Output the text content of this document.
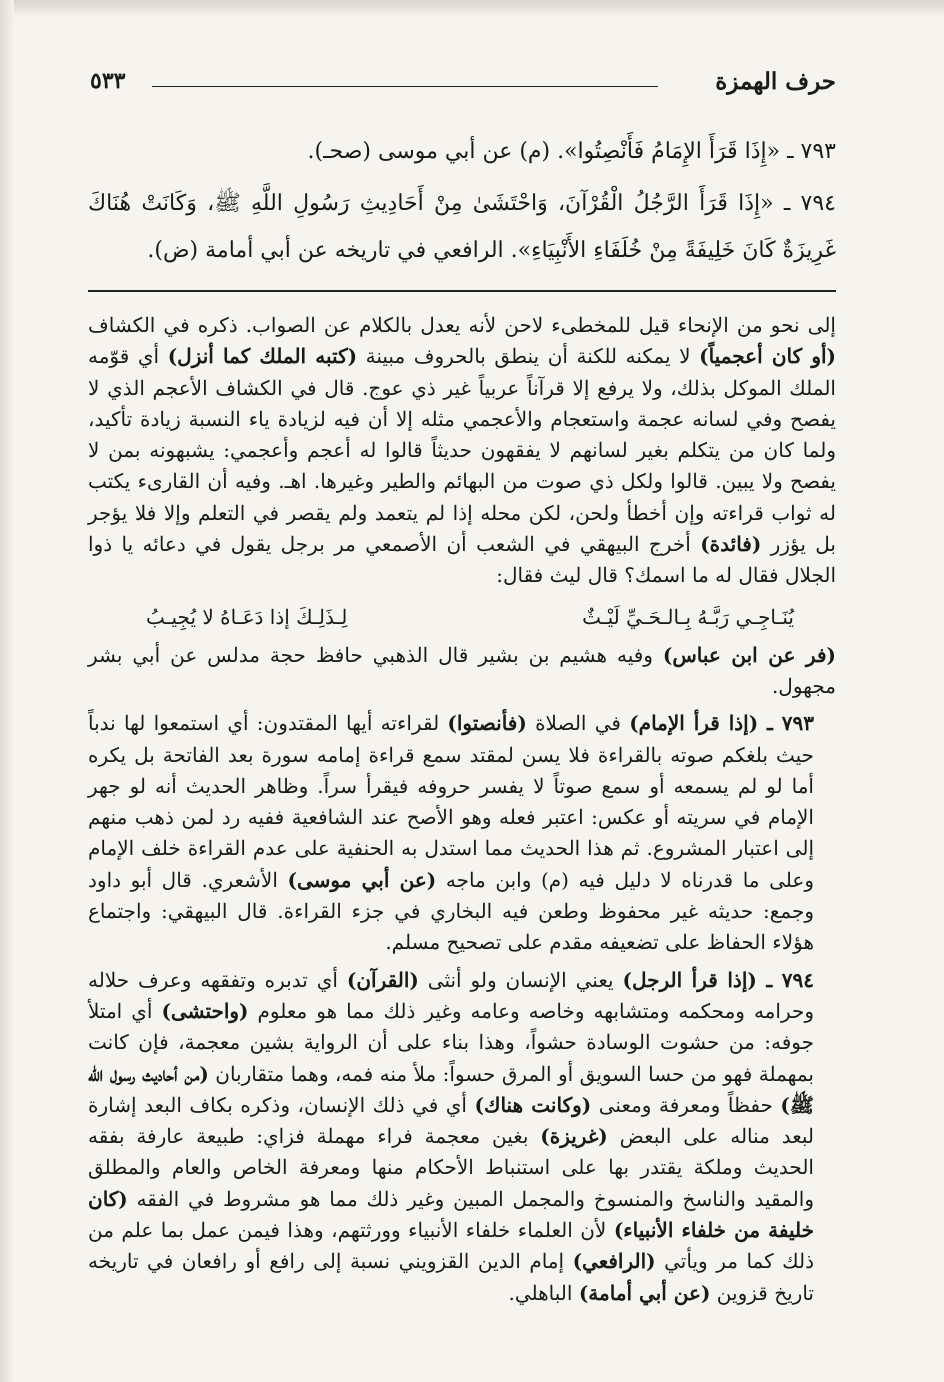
حرف الهمزة
٥٣٣
٧٩٣ ـ «إِذَا قَرَأَ الإِمَامُ فَأَنْصِتُوا». (م) عن أبي موسى (صحـ).
٧٩٤ ـ «إِذَا قَرَأَ الرَّجُلُ الْقُرْآنَ، وَاحْتَشَىٰ مِنْ أَحَادِيثِ رَسُولِ اللَّهِ ﷺ، وَكَانَتْ هُنَاكَ غَرِيزَةٌ كَانَ خَلِيفَةً مِنْ خُلَفَاءِ الأَنْبِيَاءِ». الرافعي في تاريخه عن أبي أمامة (ض).

إلى نحو من الإنحاء قيل للمخطىء لاحن لأنه يعدل بالكلام عن الصواب. ذكره في الكشاف (أو كان أعجمياً) لا يمكنه للكنة أن ينطق بالحروف مبينة (كتبه الملك كما أنزل) أي قوّمه الملك الموكل بذلك، ولا يرفع إلا قرآناً عربياً غير ذي عوج. قال في الكشاف الأعجم الذي لا يفصح وفي لسانه عجمة واستعجام والأعجمي مثله إلا أن فيه لزيادة ياء النسبة زيادة تأكيد، ولما كان من يتكلم بغير لسانهم لا يفقهون حديثاً قالوا له أعجم وأعجمي: يشبهونه بمن لا يفصح ولا يبين. قالوا ولكل ذي صوت من البهائم والطير وغيرها. اهـ. وفيه أن القارىء يكتب له ثواب قراءته وإن أخطأ ولحن، لكن محله إذا لم يتعمد ولم يقصر في التعلم وإلا فلا يؤجر بل يؤزر (فائدة) أخرج البيهقي في الشعب أن الأصمعي مر برجل يقول في دعائه يا ذوا الجلال فقال له ما اسمك؟ قال ليث فقال:

يُنَـاجِـي رَبَّـهُ بِـالـحَـيِّ لَيْـثٌ
لِـذَلِـكَ إذا دَعَـاهُ لا يُجِيـبُ

(فر عن ابن عباس) وفيه هشيم بن بشير قال الذهبي حافظ حجة مدلس عن أبي بشر مجهول.

٧٩٣ ـ (إذا قرأ الإمام) في الصلاة (فأنصتوا) لقراءته أيها المقتدون: أي استمعوا لها ندباً حيث بلغكم صوته بالقراءة فلا يسن لمقتد سمع قراءة إمامه سورة بعد الفاتحة بل يكره أما لو لم يسمعه أو سمع صوتاً لا يفسر حروفه فيقرأ سراً. وظاهر الحديث أنه لو جهر الإمام في سريته أو عكس: اعتبر فعله وهو الأصح عند الشافعية ففيه رد لمن ذهب منهم إلى اعتبار المشروع. ثم هذا الحديث مما استدل به الحنفية على عدم القراءة خلف الإمام وعلى ما قدرناه لا دليل فيه (م) وابن ماجه (عن أبي موسى) الأشعري. قال أبو داود وجمع: حديثه غير محفوظ وطعن فيه البخاري في جزء القراءة. قال البيهقي: واجتماع هؤلاء الحفاظ على تضعيفه مقدم على تصحيح مسلم.

٧٩٤ ـ (إذا قرأ الرجل) يعني الإنسان ولو أنثى (القرآن) أي تدبره وتفقهه وعرف حلاله وحرامه ومحكمه ومتشابهه وخاصه وعامه وغير ذلك مما هو معلوم (واحتشى) أي امتلأ جوفه: من حشوت الوسادة حشواً، وهذا بناء على أن الرواية بشين معجمة، فإن كانت بمهملة فهو من حسا السويق أو المرق حسواً: ملأ منه فمه، وهما متقاربان (من أحاديث رسول الله ﷺ) حفظاً ومعرفة ومعنى (وكانت هناك) أي في ذلك الإنسان، وذكره بكاف البعد إشارة لبعد مناله على البعض (غريزة) بغين معجمة فراء مهملة فزاي: طبيعة عارفة بفقه الحديث وملكة يقتدر بها على استنباط الأحكام منها ومعرفة الخاص والعام والمطلق والمقيد والناسخ والمنسوخ والمجمل المبين وغير ذلك مما هو مشروط في الفقه (كان خليفة من خلفاء الأنبياء) لأن العلماء خلفاء الأنبياء وورثتهم، وهذا فيمن عمل بما علم من ذلك كما مر ويأتي (الرافعي) إمام الدين القزويني نسبة إلى رافع أو رافعان في تاريخه تاريخ قزوين (عن أبي أمامة) الباهلي.
